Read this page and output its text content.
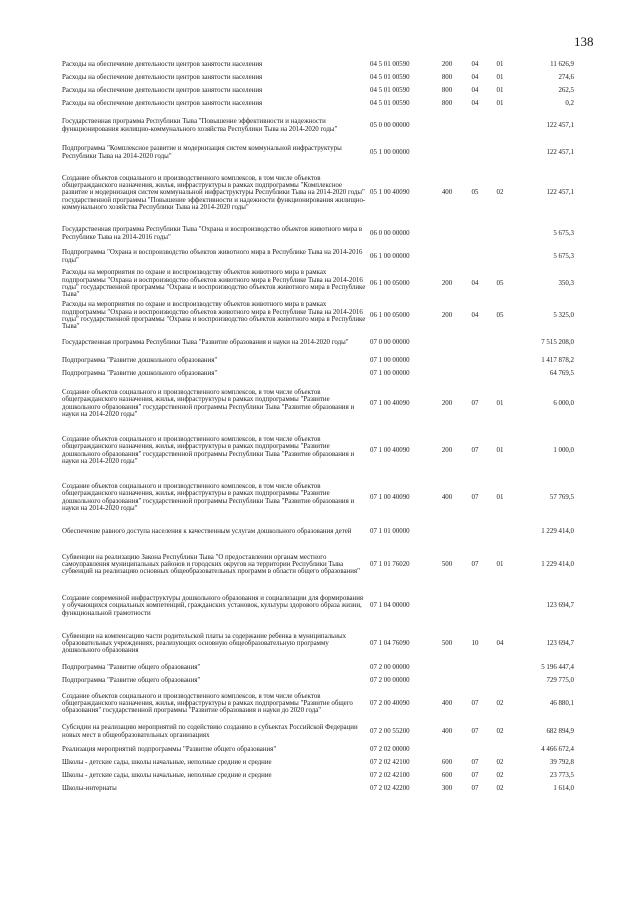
138
Расходы на обеспечение деятельности центров занятости населения	04 5 01 00590	200	04	01	11 626,9
Расходы на обеспечение деятельности центров занятости населения	04 5 01 00590	800	04	01	274,6
Расходы на обеспечение деятельности центров занятости населения	04 5 01 00590	800	04	01	262,5
Расходы на обеспечение деятельности центров занятости населения	04 5 01 00590	800	04	01	0,2
Государственная программа Республики Тыва "Повышение эффективности и надежности функционирования жилищно-коммунального хозяйства Республики Тыва на 2014-2020 годы"
05 0 00 00000	122 457,1
Подпрограмма "Комплексное развитие и модернизация систем коммунальной инфраструктуры Республики Тыва на 2014-2020 годы"
05 1 00 00000	122 457,1
Создание объектов социального и производственного комплексов, в том числе объектов общегражданского назначения, жилья, инфраструктуры в рамках подпрограммы "Комплексное развитие и модернизация систем коммунальной инфраструктуры Республики Тыва на 2014-2020 годы" государственной программы "Повышение эффективности и надежности функционирования жилищно-коммунального хозяйства Республики Тыва на 2014-2020 годы"
05 1 00 40090	400	05	02	122 457,1
Государственная программа Республики Тыва "Охрана и воспроизводство объектов животного мира в Республике Тыва на 2014-2016 годы"
06 0 00 00000	5 675,3
Подпрограмма "Охрана и воспроизводство объектов животного мира в Республике Тыва на 2014-2016 годы"
06 1 00 00000	5 675,3
Расходы на мероприятия по охране и воспроизводству объектов животного мира в рамках подпрограммы "Охрана и воспроизводство объектов животного мира в Республике Тыва на 2014-2016 годы" государственной программы "Охрана и воспроизводство объектов животного мира в Республике Тыва"
06 1 00 05000	200	04	05	350,3
Расходы на мероприятия по охране и воспроизводству объектов животного мира в рамках подпрограммы "Охрана и воспроизводство объектов животного мира в Республике Тыва на 2014-2016 годы" государственной программы "Охрана и воспроизводство объектов животного мира в Республике Тыва"
06 1 00 05000	200	04	05	5 325,0
Государственная программа Республики Тыва "Развитие образования и науки на 2014-2020 годы"	07 0 00 00000	7 515 208,0
Подпрограмма "Развитие дошкольного образования"	07 1 00 00000	1 417 878,2
Подпрограмма "Развитие дошкольного образования"	07 1 00 00000	64 769,5
Создание объектов социального и производственного комплексов, в том числе объектов общегражданского назначения, жилья, инфраструктуры в рамках подпрограммы "Развитие дошкольного образования" государственной программы Республики Тыва "Развитие образования и науки на 2014-2020 годы"
07 1 00 40090	200	07	01	6 000,0
Создание объектов социального и производственного комплексов, в том числе объектов общегражданского назначения, жилья, инфраструктуры в рамках подпрограммы "Развитие дошкольного образования" государственной программы Республики Тыва "Развитие образования и науки на 2014-2020 годы"
07 1 00 40090	200	07	01	1 000,0
Создание объектов социального и производственного комплексов, в том числе объектов общегражданского назначения, жилья, инфраструктуры в рамках подпрограммы "Развитие дошкольного образования" государственной программы Республики Тыва "Развитие образования и науки на 2014-2020 годы"
07 1 00 40090	400	07	01	57 769,5
Обеспечение равного доступа населения к качественным услугам дошкольного образования детей	07 1 01 00000	1 229 414,0
Субвенции на реализацию Закона Республики Тыва "О предоставлении органам местного самоуправления муниципальных районов и городских округов на территории Республики Тыва субвенций на реализацию основных общеобразовательных программ в области общего образования"
07 1 01 76020	500	07	01	1 229 414,0
Создание современной инфраструктуры дошкольного образования и социализации для формирования у обучающихся социальных компетенций, гражданских установок, культуры здорового образа жизни, функциональной грамотности
07 1 04 00000	123 694,7
Субвенции на компенсацию части родительской платы за содержание ребенка в муниципальных образовательных учреждениях, реализующих основную общеобразовательную программу дошкольного образования
07 1 04 76090	500	10	04	123 694,7
Подпрограмма "Развитие общего образования"	07 2 00 00000	5 196 447,4
Подпрограмма "Развитие общего образования"	07 2 00 00000	729 775,0
Создание объектов социального и производственного комплексов, в том числе объектов общегражданского назначения, жилья, инфраструктуры в рамках подпрограммы "Развитие общего образования" государственной программы "Развитие образования и науки до 2020 года"
07 2 00 40090	400	07	02	46 880,1
Субсидии на реализацию мероприятий по содействию созданию в субъектах Российской Федерации новых мест в общеобразовательных организациях
07 2 00 55200	400	07	02	682 894,9
Реализация мероприятий подпрограммы "Развитие общего образования"	07 2 02 00000	4 466 672,4
Школы - детские сады, школы начальные, неполные средние и средние	07 2 02 42100	600	07	02	39 792,8
Школы - детские сады, школы начальные, неполные средние и средние	07 2 02 42100	600	07	02	23 773,5
Школы-интернаты	07 2 02 42200	300	07	02	1 614,0
